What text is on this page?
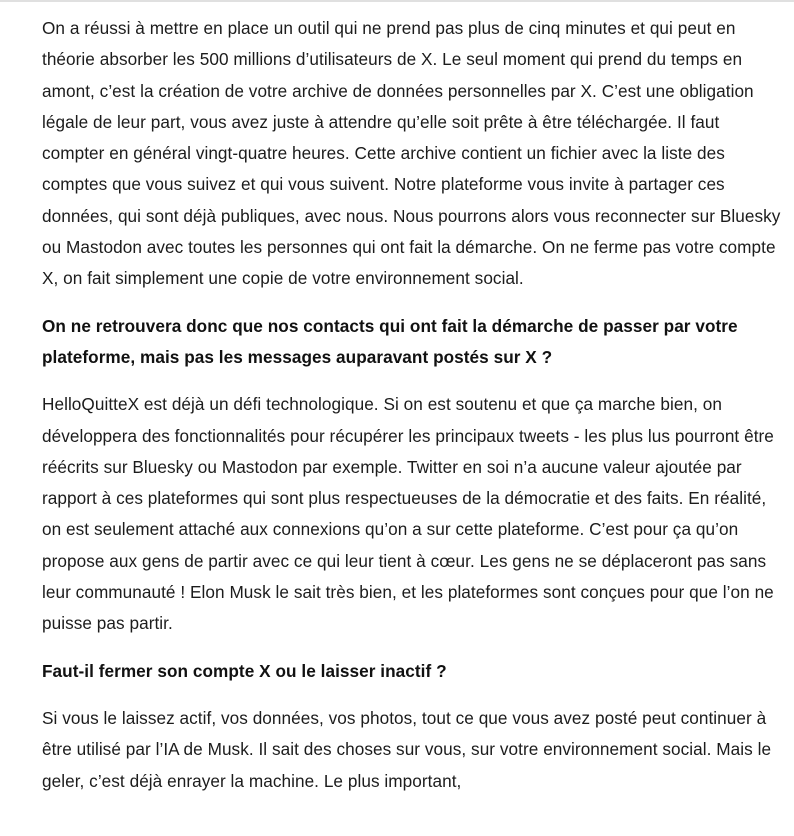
On a réussi à mettre en place un outil qui ne prend pas plus de cinq minutes et qui peut en théorie absorber les 500 millions d’utilisateurs de X. Le seul moment qui prend du temps en amont, c’est la création de votre archive de données personnelles par X. C’est une obligation légale de leur part, vous avez juste à attendre qu’elle soit prête à être téléchargée. Il faut compter en général vingt-quatre heures. Cette archive contient un fichier avec la liste des comptes que vous suivez et qui vous suivent. Notre plateforme vous invite à partager ces données, qui sont déjà publiques, avec nous. Nous pourrons alors vous reconnecter sur Bluesky ou Mastodon avec toutes les personnes qui ont fait la démarche. On ne ferme pas votre compte X, on fait simplement une copie de votre environnement social.

On ne retrouvera donc que nos contacts qui ont fait la démarche de passer par votre plateforme, mais pas les messages auparavant postés sur X ?

HelloQuitteX est déjà un défi technologique. Si on est soutenu et que ça marche bien, on développera des fonctionnalités pour récupérer les principaux tweets - les plus lus pourront être réécrits sur Bluesky ou Mastodon par exemple. Twitter en soi n’a aucune valeur ajoutée par rapport à ces plateformes qui sont plus respectueuses de la démocratie et des faits. En réalité, on est seulement attaché aux connexions qu’on a sur cette plateforme. C’est pour ça qu’on propose aux gens de partir avec ce qui leur tient à cœur. Les gens ne se déplaceront pas sans leur communauté ! Elon Musk le sait très bien, et les plateformes sont conçues pour que l’on ne puisse pas partir.

Faut-il fermer son compte X ou le laisser inactif ?

Si vous le laissez actif, vos données, vos photos, tout ce que vous avez posté peut continuer à être utilisé par l’IA de Musk. Il sait des choses sur vous, sur votre environnement social. Mais le geler, c’est déjà enrayer la machine. Le plus important,
